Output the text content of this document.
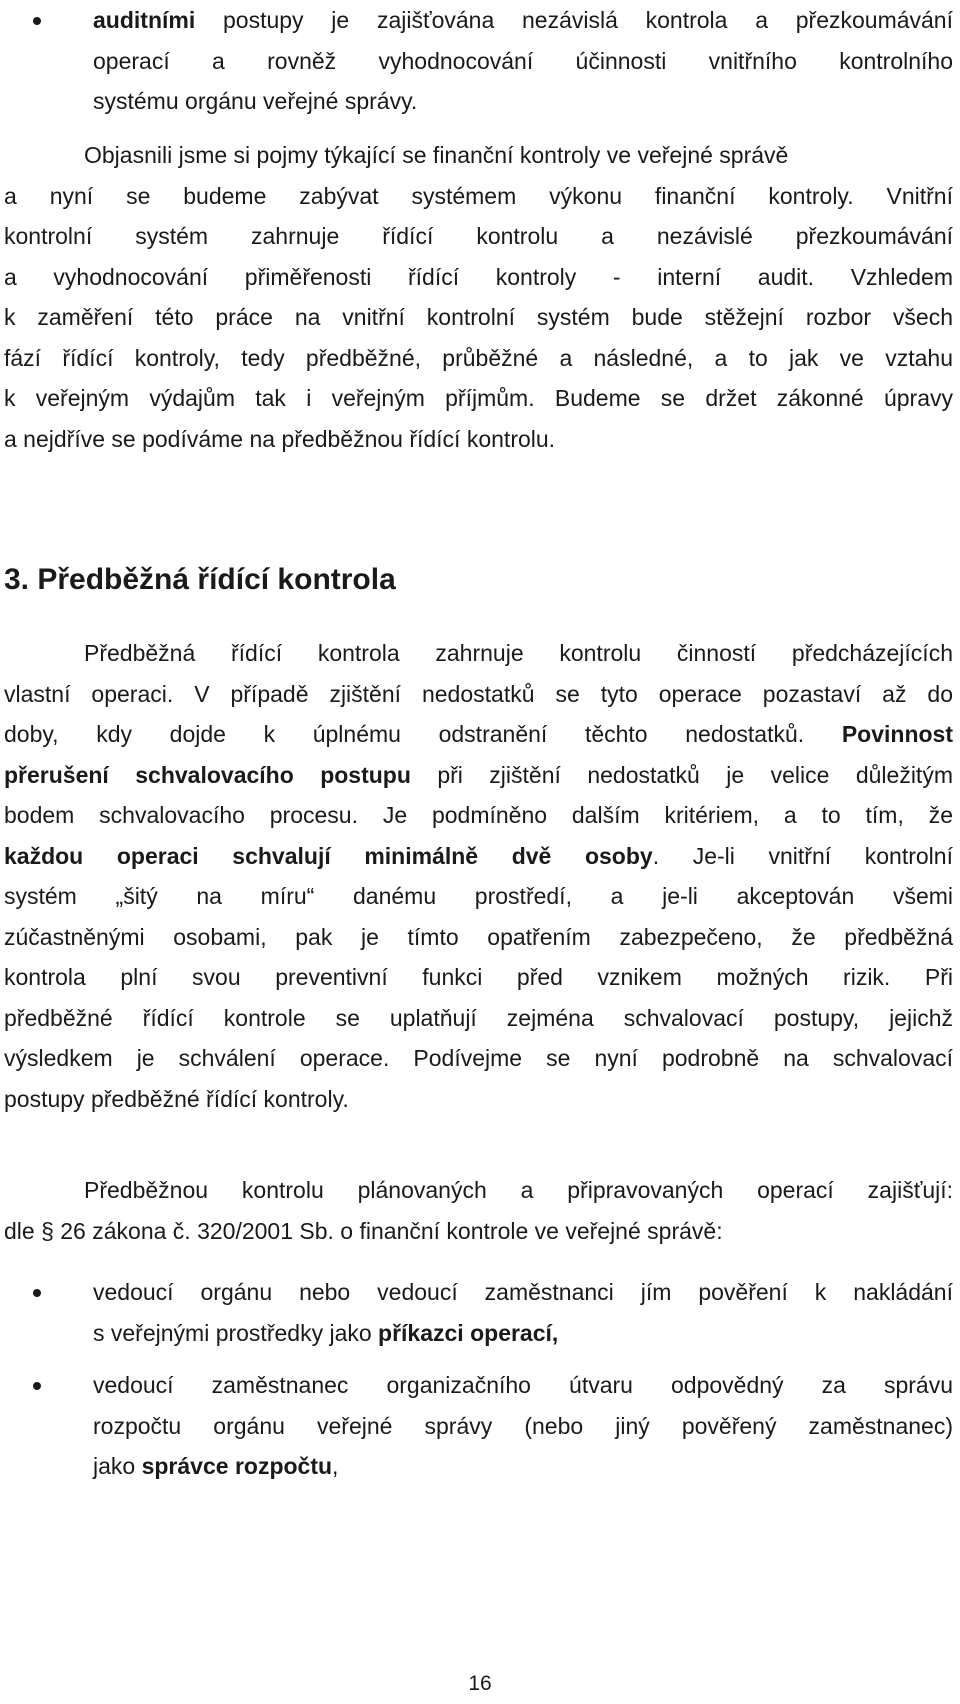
auditními postupy je zajišťována nezávislá kontrola a přezkoumávání
operací a rovněž vyhodnocování účinnosti vnitřního kontrolního
systému orgánu veřejné správy.
Objasnili jsme si pojmy týkající se finanční kontroly ve veřejné správě
a nyní se budeme zabývat systémem výkonu finanční kontroly. Vnitřní
kontrolní systém zahrnuje řídící kontrolu a nezávislé přezkoumávání
a vyhodnocování přiměřenosti řídící kontroly - interní audit. Vzhledem
k zaměření této práce na vnitřní kontrolní systém bude stěžejní rozbor všech
fází řídící kontroly, tedy předběžné, průběžné a následné, a to jak ve vztahu
k veřejným výdajům tak i veřejným příjmům. Budeme se držet zákonné úpravy
a nejdříve se podíváme na předběžnou řídící kontrolu.
3. Předběžná řídící kontrola
Předběžná řídící kontrola zahrnuje kontrolu činností předcházejících
vlastní operaci. V případě zjištění nedostatků se tyto operace pozastaví až do
doby, kdy dojde k úplnému odstranění těchto nedostatků. Povinnost
přerušení schvalovacího postupu při zjištění nedostatků je velice důležitým
bodem schvalovacího procesu. Je podmíněno dalším kritériem, a to tím, že
každou operaci schvalují minimálně dvě osoby. Je-li vnitřní kontrolní
systém „šitý na míru“ danému prostředí, a je-li akceptován všemi
zúčastněnými osobami, pak je tímto opatřením zabezpečeno, že předběžná
kontrola plní svou preventivní funkci před vznikem možných rizik. Při
předběžné řídící kontrole se uplatňují zejména schvalovací postupy, jejichž
výsledkem je schválení operace. Podívejme se nyní podrobně na schvalovací
postupy předběžné řídící kontroly.
Předběžnou kontrolu plánovaných a připravovaných operací zajišťují:
dle § 26 zákona č. 320/2001 Sb. o finanční kontrole ve veřejné správě:
vedoucí orgánu nebo vedoucí zaměstnanci jím pověření k nakládání
s veřejnými prostředky jako příkazci operací,
vedoucí zaměstnanec organizačního útvaru odpovědný za správu
rozpočtu orgánu veřejné správy (nebo jiný pověřený zaměstnanec)
jako správce rozpočtu,
16
